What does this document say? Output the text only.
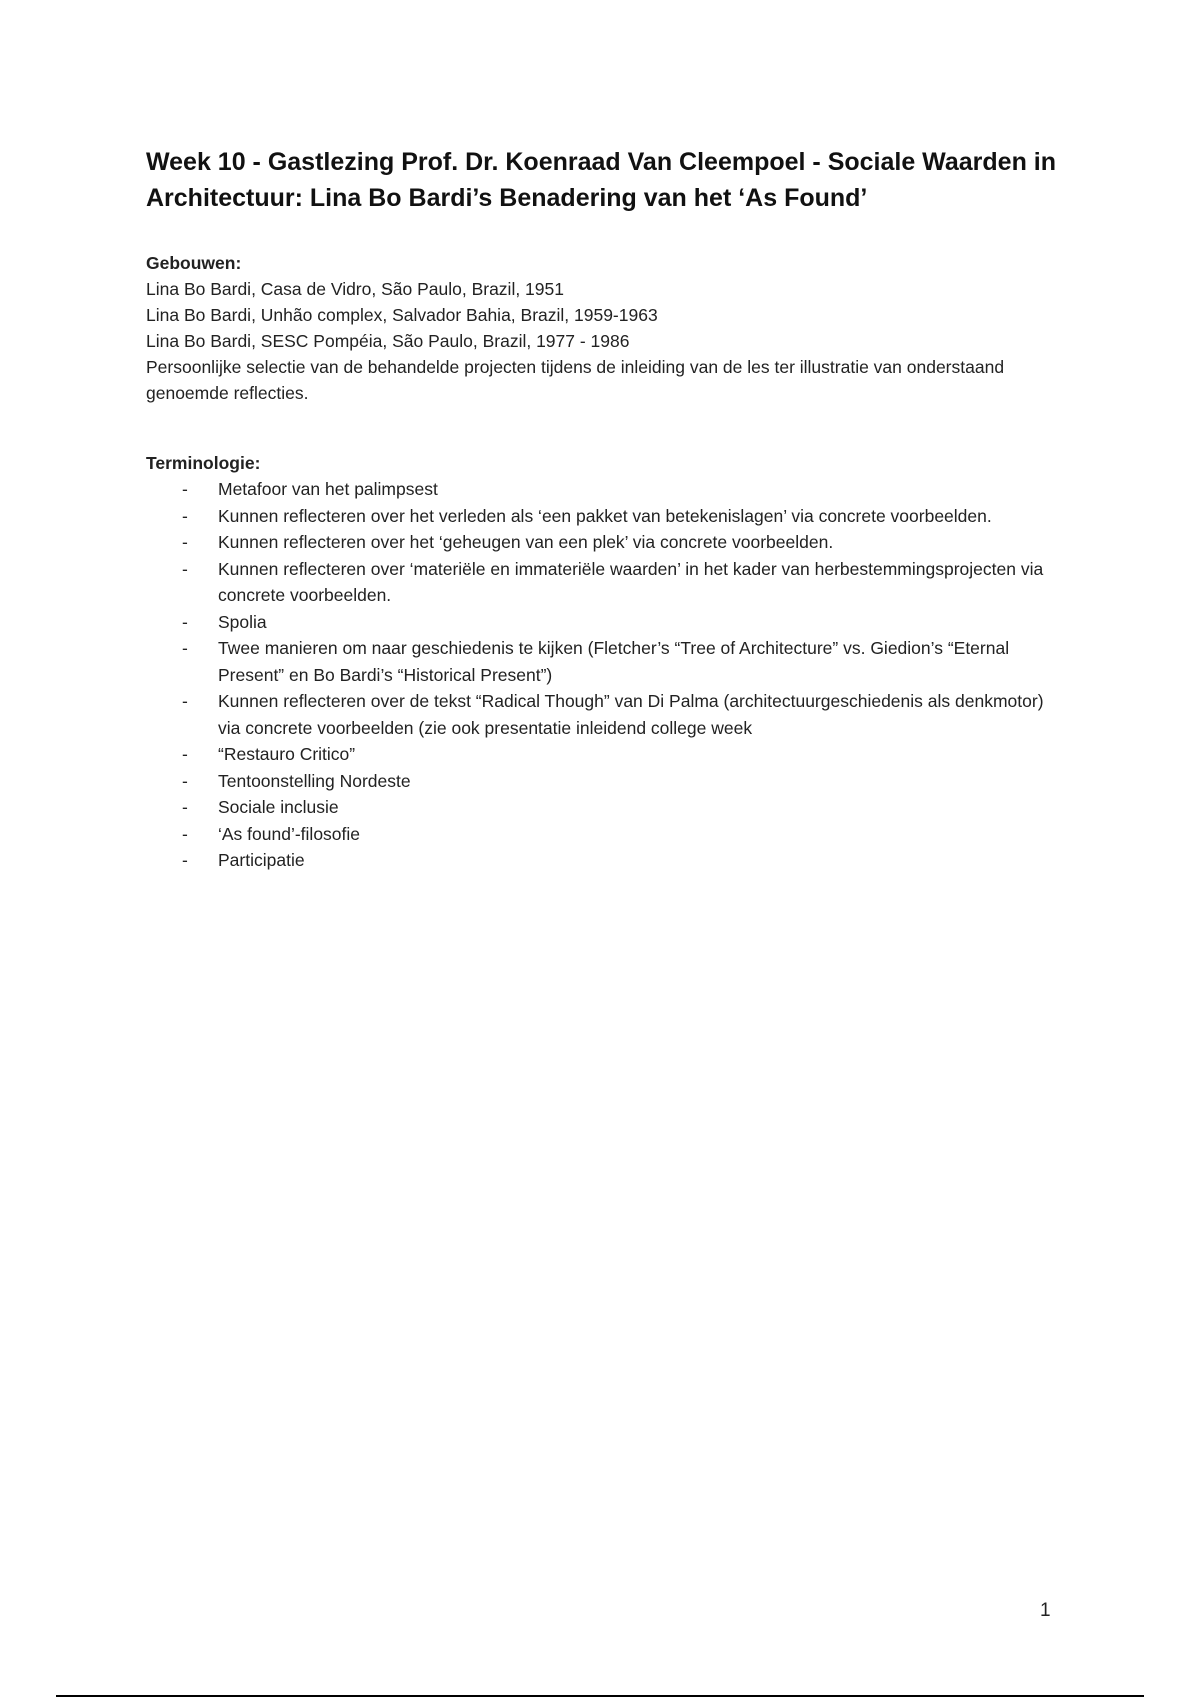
Week 10 - Gastlezing Prof. Dr. Koenraad Van Cleempoel - Sociale Waarden in Architectuur: Lina Bo Bardi’s Benadering van het ‘As Found’

Gebouwen:

Lina Bo Bardi, Casa de Vidro, São Paulo, Brazil, 1951

Lina Bo Bardi, Unhão complex, Salvador Bahia, Brazil, 1959-1963

Lina Bo Bardi, SESC Pompéia, São Paulo, Brazil, 1977 - 1986

Persoonlijke selectie van de behandelde projecten tijdens de inleiding van de les ter illustratie van onderstaand genoemde reflecties.

Terminologie:

- Metafoor van het palimpsest
- Kunnen reflecteren over het verleden als ‘een pakket van betekenislagen’ via concrete voorbeelden.
- Kunnen reflecteren over het ‘geheugen van een plek’ via concrete voorbeelden.
- Kunnen reflecteren over ‘materiële en immateriële waarden’ in het kader van herbestemmingsprojecten via concrete voorbeelden.
- Spolia
- Twee manieren om naar geschiedenis te kijken (Fletcher’s “Tree of Architecture” vs. Giedion’s “Eternal Present” en Bo Bardi’s “Historical Present”)
- Kunnen reflecteren over de tekst “Radical Though” van Di Palma (architectuurgeschiedenis als denkmotor) via concrete voorbeelden (zie ook presentatie inleidend college week
- “Restauro Critico”
- Tentoonstelling Nordeste
- Sociale inclusie
- ‘As found’-filosofie
- Participatie
1
